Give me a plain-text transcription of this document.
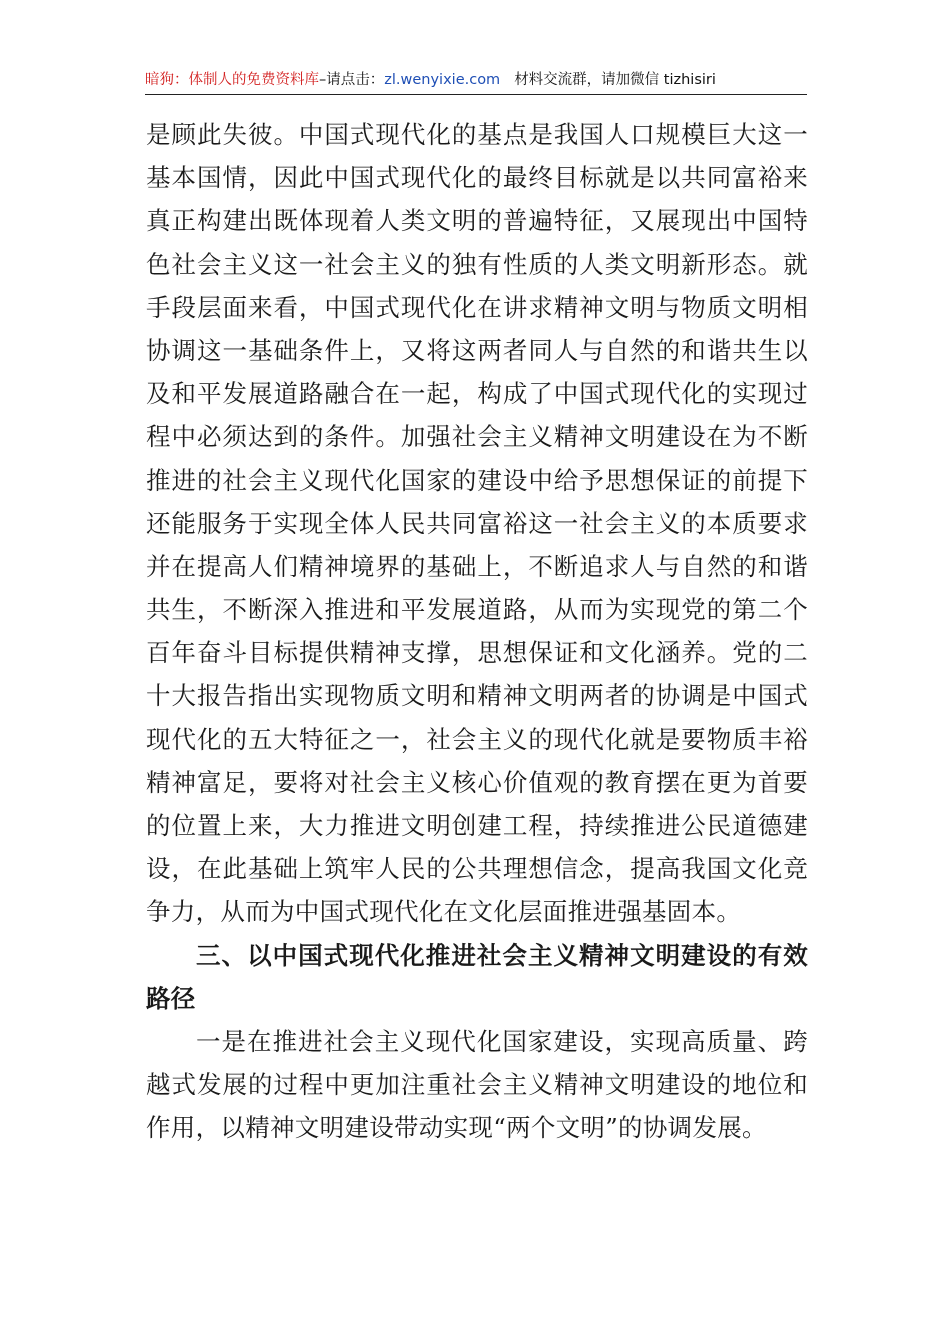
暗狗：体制人的免费资料库–请点击：zl.wenyixie.com 材料交流群，请加微信 tizhisiri
是顾此失彼。中国式现代化的基点是我国人口规模巨大这一
基本国情，因此中国式现代化的最终目标就是以共同富裕来
真正构建出既体现着人类文明的普遍特征，又展现出中国特
色社会主义这一社会主义的独有性质的人类文明新形态。就
手段层面来看，中国式现代化在讲求精神文明与物质文明相
协调这一基础条件上，又将这两者同人与自然的和谐共生以
及和平发展道路融合在一起，构成了中国式现代化的实现过
程中必须达到的条件。加强社会主义精神文明建设在为不断
推进的社会主义现代化国家的建设中给予思想保证的前提下
还能服务于实现全体人民共同富裕这一社会主义的本质要求
并在提高人们精神境界的基础上，不断追求人与自然的和谐
共生，不断深入推进和平发展道路，从而为实现党的第二个
百年奋斗目标提供精神支撑，思想保证和文化涵养。党的二
十大报告指出实现物质文明和精神文明两者的协调是中国式
现代化的五大特征之一，社会主义的现代化就是要物质丰裕
精神富足，要将对社会主义核心价值观的教育摆在更为首要
的位置上来，大力推进文明创建工程，持续推进公民道德建
设，在此基础上筑牢人民的公共理想信念，提高我国文化竞
争力，从而为中国式现代化在文化层面推进强基固本。
三、以中国式现代化推进社会主义精神文明建设的有效
路径
一是在推进社会主义现代化国家建设，实现高质量、跨
越式发展的过程中更加注重社会主义精神文明建设的地位和
作用，以精神文明建设带动实现“两个文明”的协调发展。
